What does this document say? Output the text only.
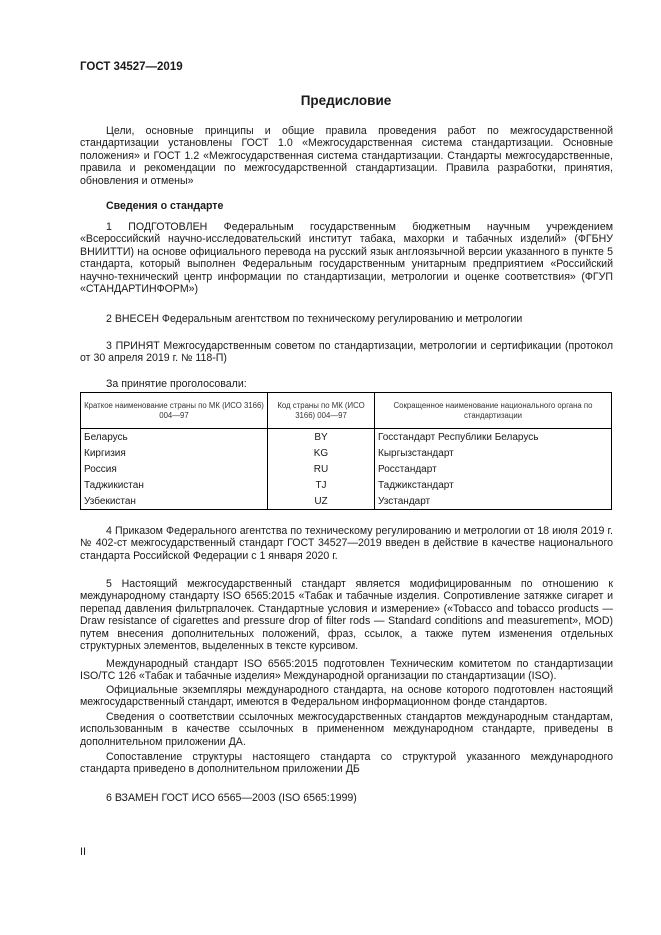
ГОСТ 34527—2019
Предисловие
Цели, основные принципы и общие правила проведения работ по межгосударственной стандартизации установлены ГОСТ 1.0 «Межгосударственная система стандартизации. Основные положения» и ГОСТ 1.2 «Межгосударственная система стандартизации. Стандарты межгосударственные, правила и рекомендации по межгосударственной стандартизации. Правила разработки, принятия, обновления и отмены»
Сведения о стандарте
1 ПОДГОТОВЛЕН Федеральным государственным бюджетным научным учреждением «Всероссийский научно-исследовательский институт табака, махорки и табачных изделий» (ФГБНУ ВНИИТТИ) на основе официального перевода на русский язык англоязычной версии указанного в пункте 5 стандарта, который выполнен Федеральным государственным унитарным предприятием «Российский научно-технический центр информации по стандартизации, метрологии и оценке соответствия» (ФГУП «СТАНДАРТИНФОРМ»)
2 ВНЕСЕН Федеральным агентством по техническому регулированию и метрологии
3 ПРИНЯТ Межгосударственным советом по стандартизации, метрологии и сертификации (протокол от 30 апреля 2019 г. № 118-П)
За принятие проголосовали:
Краткое наименование страны по МК (ИСО 3166) 004—97	Код страны по МК (ИСО 3166) 004—97	Сокращенное наименование национального органа по стандартизации
Беларусь	BY	Госстандарт Республики Беларусь
Киргизия	KG	Кыргызстандарт
Россия	RU	Росстандарт
Таджикистан	TJ	Таджикстандарт
Узбекистан	UZ	Узстандарт
4 Приказом Федерального агентства по техническому регулированию и метрологии от 18 июля 2019 г. № 402-ст межгосударственный стандарт ГОСТ 34527—2019 введен в действие в качестве национального стандарта Российской Федерации с 1 января 2020 г.
5 Настоящий межгосударственный стандарт является модифицированным по отношению к международному стандарту ISO 6565:2015 «Табак и табачные изделия. Сопротивление затяжке сигарет и перепад давления фильтрпалочек. Стандартные условия и измерение» («Tobacco and tobacco products — Draw resistance of cigarettes and pressure drop of filter rods — Standard conditions and measurement», MOD) путем внесения дополнительных положений, фраз, ссылок, а также путем изменения отдельных структурных элементов, выделенных в тексте курсивом.
Международный стандарт ISO 6565:2015 подготовлен Техническим комитетом по стандартизации ISO/TC 126 «Табак и табачные изделия» Международной организации по стандартизации (ISO).
Официальные экземпляры международного стандарта, на основе которого подготовлен настоящий межгосударственный стандарт, имеются в Федеральном информационном фонде стандартов.
Сведения о соответствии ссылочных межгосударственных стандартов международным стандартам, использованным в качестве ссылочных в примененном международном стандарте, приведены в дополнительном приложении ДА.
Сопоставление структуры настоящего стандарта со структурой указанного международного стандарта приведено в дополнительном приложении ДБ
6 ВЗАМЕН ГОСТ ИСО 6565—2003 (ISO 6565:1999)
II
